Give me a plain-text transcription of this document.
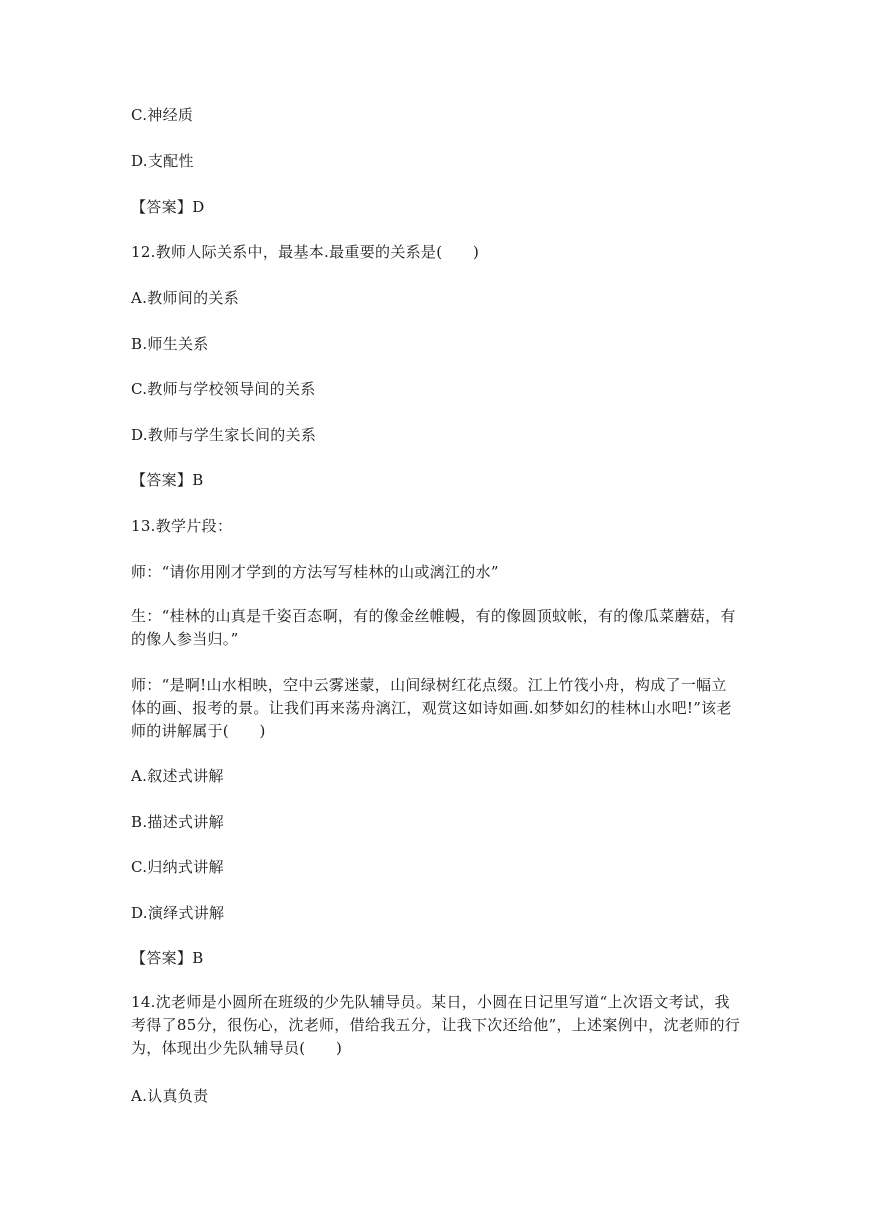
C.神经质
D.支配性
【答案】D
12.教师人际关系中，最基本.最重要的关系是(　　)
A.教师间的关系
B.师生关系
C.教师与学校领导间的关系
D.教师与学生家长间的关系
【答案】B
13.教学片段：
师：“请你用刚才学到的方法写写桂林的山或漓江的水”
生：“桂林的山真是千姿百态啊，有的像金丝帷幔，有的像圆顶蚊帐，有的像瓜菜蘑菇，有的像人参当归。”
师：“是啊!山水相映，空中云雾迷蒙，山间绿树红花点缀。江上竹筏小舟，构成了一幅立体的画、报考的景。让我们再来荡舟漓江，观赏这如诗如画.如梦如幻的桂林山水吧!”该老师的讲解属于(　　)
A.叙述式讲解
B.描述式讲解
C.归纳式讲解
D.演绎式讲解
【答案】B
14.沈老师是小圆所在班级的少先队辅导员。某日，小圆在日记里写道“上次语文考试，我考得了85分，很伤心，沈老师，借给我五分，让我下次还给他”，上述案例中，沈老师的行为，体现出少先队辅导员(　　)
A.认真负责
